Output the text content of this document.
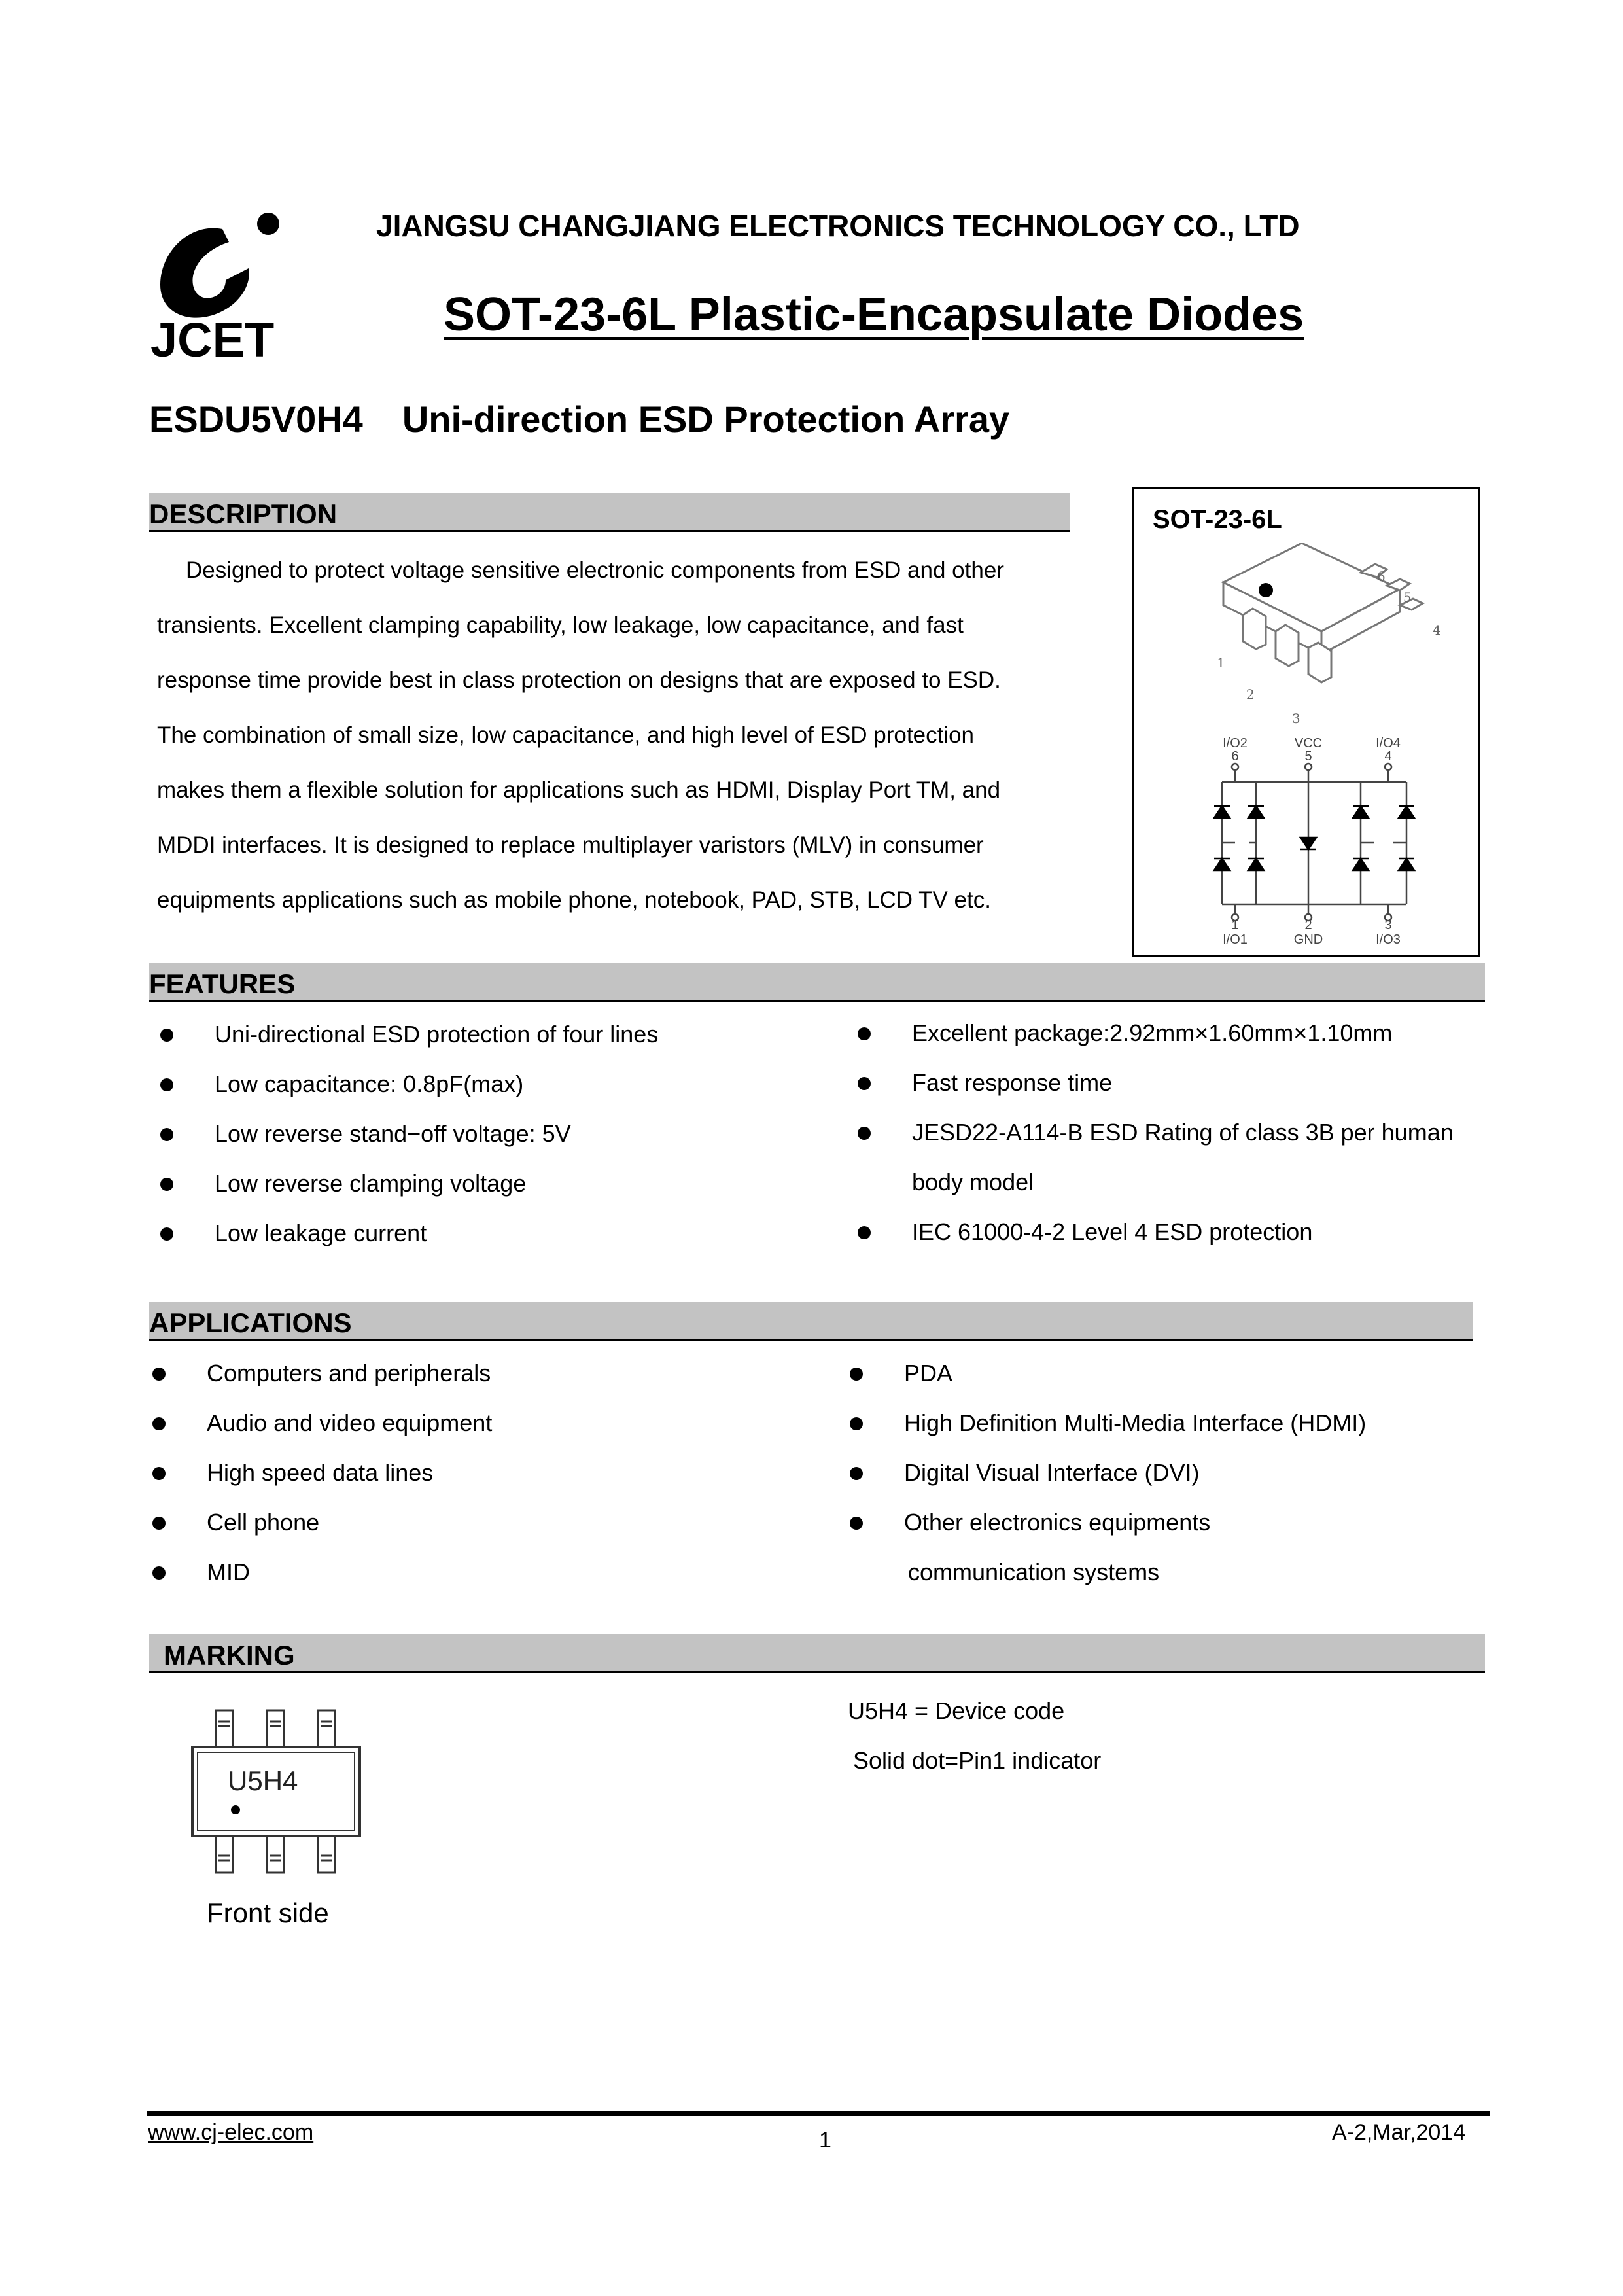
JCET
JIANGSU CHANGJIANG ELECTRONICS TECHNOLOGY CO., LTD
SOT-23-6L Plastic-Encapsulate Diodes
ESDU5V0H4 Uni-direction ESD Protection Array
DESCRIPTION
Designed to protect voltage sensitive electronic components from ESD and other
transients. Excellent clamping capability, low leakage, low capacitance, and fast
response time provide best in class protection on designs that are exposed to ESD.
The combination of small size, low capacitance, and high level of ESD protection
makes them a flexible solution for applications such as HDMI, Display Port TM, and
MDDI interfaces. It is designed to replace multiplayer varistors (MLV) in consumer
equipments applications such as mobile phone, notebook, PAD, STB, LCD TV etc.
SOT-23-6L
1
2
3
4
5
6
I/O2
6
VCC
5
I/O4
4
1
I/O1
2
GND
3
I/O3
FEATURES
Uni-directional ESD protection of four lines
Low capacitance: 0.8pF(max)
Low reverse stand−off voltage: 5V
Low reverse clamping voltage
Low leakage current
Excellent package:2.92mm×1.60mm×1.10mm
Fast response time
JESD22-A114-B ESD Rating of class 3B per human
body model
IEC 61000-4-2 Level 4 ESD protection
APPLICATIONS
Computers and peripherals
Audio and video equipment
High speed data lines
Cell phone
MID
PDA
High Definition Multi-Media Interface (HDMI)
Digital Visual Interface (DVI)
Other electronics equipments
communication systems
MARKING
U5H4
Front side
U5H4 = Device code
Solid dot=Pin1 indicator
www.cj-elec.com	1	A-2,Mar,2014
